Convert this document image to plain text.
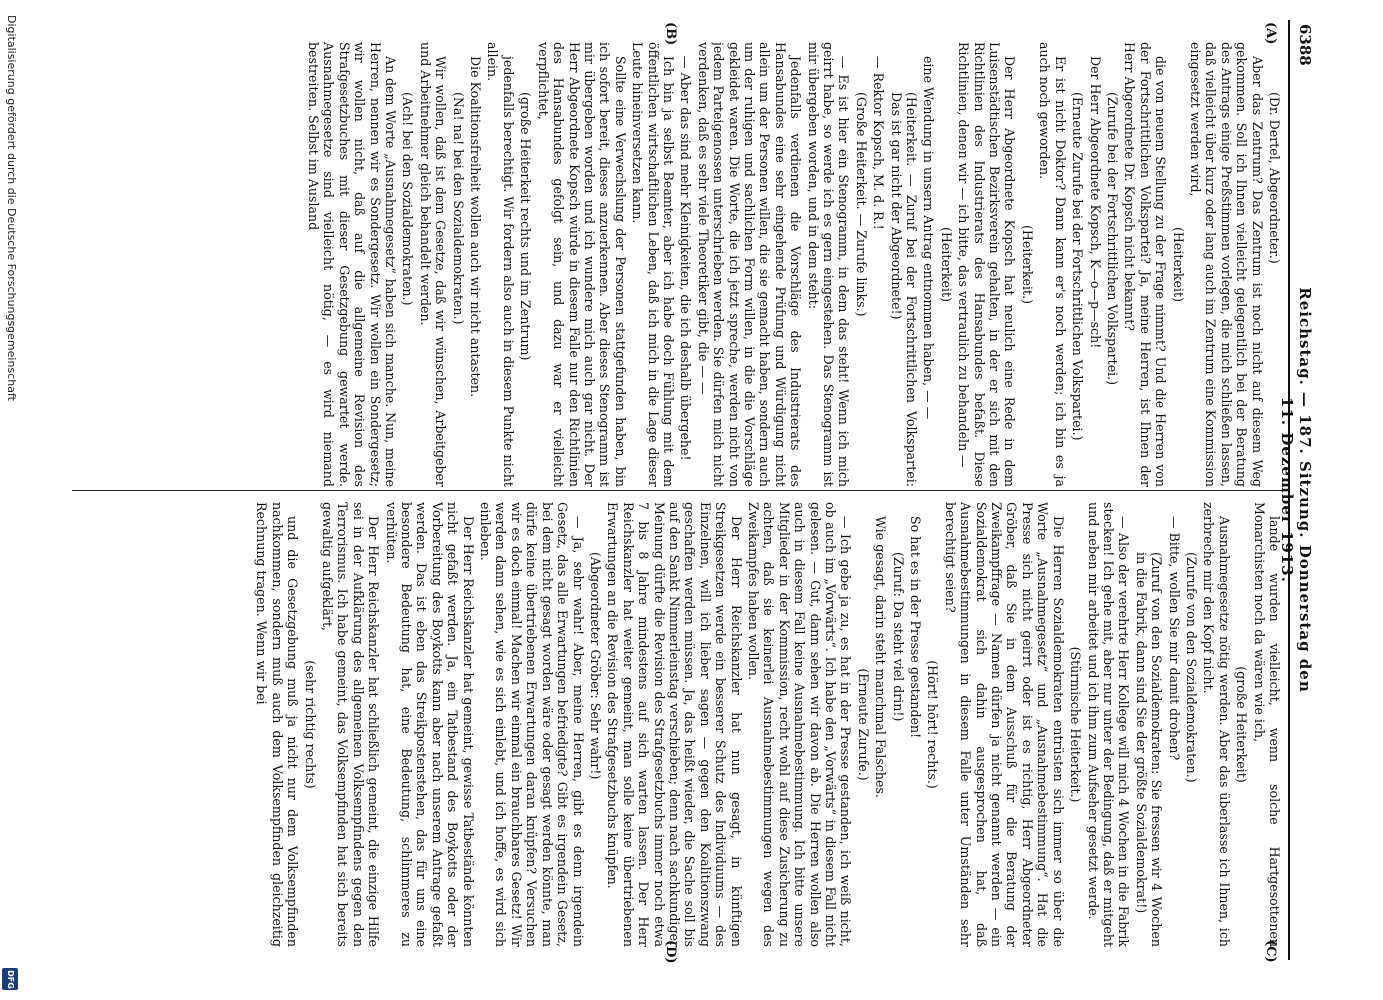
Digitalisierung gefördert durch die Deutsche Forschungsgemeinschaft
DFG
6388
Reichstag. — 187. Sitzung. Donnerstag den 11. Dezember 1913.
(A)
(B)
(C)
(D)

(Dr. Dertel, Abgeordneter.)

Aber das Zentrum? Das Zentrum ist noch nicht auf diesem Weg gekommen. Soll ich Ihnen vielleicht gelegentlich bei der Beratung des Antrags einige Preßstimmen vorlegen, die mich schließen lassen, daß vielleicht über kurz oder lang auch im Zentrum eine Kommission eingesetzt werden wird,

(Heiterkeit)

die von neuem Stellung zu der Frage nimmt? Und die Herren von der Fortschrittlichen Volkspartei? Ja, meine Herren, ist Ihnen der Herr Abgeordnete Dr. Kopsch nicht bekannt?

(Zurufe bei der Fortschrittlichen Volkspartei.)

Der Herr Abgeordnete Kopsch, K—o—p—sch!

(Erneute Zurufe bei der Fortschrittlichen Volkspartei.)

Er ist nicht Doktor? Dann kann er's noch werden; ich bin es ja auch noch geworden.

(Heiterkeit.)

Der Herr Abgeordnete Kopsch hat neulich eine Rede in dem Luisenstädtischen Bezirksverein gehalten, in der er sich mit den Richtlinien des Industrierats des Hansabundes befaßt. Diese Richtlinien, denen wir — ich bitte, das vertraulich zu behandeln —

(Heiterkeit)

eine Wendung in unsern Antrag entnommen haben, — —

(Heiterkeit. — Zuruf bei der Fortschrittlichen Volkspartei: Das ist gar nicht der Abgeordnete!)

— Rektor Kopsch, M. d. R.!

(Große Heiterkeit. — Zurufe links.)

— Es ist hier ein Stenogramm, in dem das steht! Wenn ich mich geirrt habe, so werde ich es gern eingestehen. Das Stenogramm ist mir übergeben worden, und in dem steht:

Jedenfalls verdienen die Vorschläge des Industrierats des Hansabundes eine sehr eingehende Prüfung und Würdigung nicht allein um der Personen willen, die sie gemacht haben, sondern auch um der ruhigen und sachlichen Form willen, in die die Vorschläge gekleidet waren. Die Worte, die ich jetzt spreche, werden nicht von jedem Parteigenossen unterschrieben werden. Sie dürfen mich nicht verdenken, daß es sehr viele Theoretiker gibt, die — —

— Aber das sind mehr Kleinigkeiten, die ich deshalb übergehe!

Ich bin ja selbst Beamter, aber ich habe doch Fühlung mit dem öffentlichen wirtschaftlichen Leben, daß ich mich in die Lage dieser Leute hineinversetzen kann.

Sollte eine Verwechslung der Personen stattgefunden haben, bin ich sofort bereit, dieses anzuerkennen. Aber dieses Stenogramm ist mir übergeben worden und ich wundere mich auch gar nicht. Der Herr Abgeordnete Kopsch würde in diesem Falle nur den Richtlinien des Hansabundes gefolgt sein, und dazu war er vielleicht verpflichtet,

(große Heiterkeit rechts und im Zentrum)

jedenfalls berechtigt. Wir fordern also auch in diesem Punkte nicht allein.

Die Koalitionsfreiheit wollen auch wir nicht antasten.

(Na! na! bei den Sozialdemokraten.)

Wir wollen, daß ist dem Gesetze, daß wir wünschen, Arbeitgeber und Arbeitnehmer gleich behandelt werden.

(Ach! bei den Sozialdemokraten.)

An dem Worte „Ausnahmegesetz“ haben sich manche. Nun, meine Herren, nennen wir es Sondergesetz. Wir wollen ein Sondergesetz; wir wollen nicht, daß auf die allgemeine Revision des Strafgesetzbuches mit dieser Gesetzgebung gewartet werde. Ausnahmegesetze sind vielleicht nötig, — es wird niemand bestreiten. Selbst im Ausland

lande wurden vielleicht, wenn solche Hartgesottenen Monarchisten noch da wären wie ich,

(große Heiterkeit)

Ausnahmegesetze nötig werden. Aber das überlasse ich Ihnen, ich zerbreche mir den Kopf nicht.

(Zurufe von den Sozialdemokraten.)

— Bitte, wollen Sie mir damit drohen?

(Zuruf von den Sozialdemokraten: Sie fressen wir 4 Wochen in die Fabrik, dann sind Sie der größte Sozialdemokrat!)

— Also der verehrte Herr Kollege will mich 4 Wochen in die Fabrik stecken! Ich gehe mit, aber nur unter der Bedingung, daß er mitgeht und neben mir arbeitet und ich ihm zum Aufseher gesetzt werde.

(Stürmische Heiterkeit.)

Die Herren Sozialdemokraten entrüsten sich immer so über die Worte „Ausnahmegesetz“ und „Ausnahmebestimmung“. Hat die Presse sich nicht geirrt oder ist es richtig, Herr Abgeordneter Gröber, daß Sie in dem Ausschuß für die Beratung der Zweikampffrage — Namen dürfen ja nicht genannt werden — ein Sozialdemokrat sich dahin ausgesprochen hat, daß Ausnahmebestimmungen in diesem Falle unter Umständen sehr berechtigt seien?

(Hört! hört! rechts.)

So hat es in der Presse gestanden!

(Zuruf: Da steht viel drin!)

Wie gesagt, darin steht manchmal Falsches.

(Erneute Zurufe.)

— Ich gebe ja zu, es hat in der Presse gestanden, ich weiß nicht, ob auch im „Vorwärts“. Ich habe den „Vorwärts“ in diesem Fall nicht gelesen. — Gut, dann sehen wir davon ab. Die Herren wollen also auch in diesem Fall keine Ausnahmebestimmung. Ich bitte unsere Mitglieder in der Kommission, recht wohl auf diese Zusicherung zu achten, daß sie keinerlei Ausnahmebestimmungen wegen des Zweikampfes haben wollen.

Der Herr Reichskanzler hat nun gesagt, in künftigen Streikgesetzen werde ein besserer Schutz des Individuums — des Einzelnen, will ich lieber sagen — gegen den Koalitionszwang geschaffen werden müssen. Ja, das heißt wieder, die Sache soll bis auf den Sankt Nimmerleinstag verschieben; denn nach sachkundiger Meinung dürfte die Revision des Strafgesetzbuchs immer noch etwa 7 bis 8 Jahre mindestens auf sich warten lassen. Der Herr Reichskanzler hat weiter gemeint, man solle keine übertriebenen Erwartungen an die Revision des Strafgesetzbuchs knüpfen.

(Abgeordneter Gröber: Sehr wahr!)

— Ja, sehr wahr! Aber, meine Herren, gibt es denn irgendein Gesetz, das alle Erwartungen befriedigte? Gibt es irgendein Gesetz, bei dem nicht gesagt worden wäre oder gesagt werden könnte, man dürfe keine übertriebenen Erwartungen daran knüpfen? Versuchen wir es doch einmal! Machen wir einmal ein brauchbares Gesetz! Wir werden dann sehen, wie es sich einlebt, und ich hoffe, es wird sich einleben.

Der Herr Reichskanzler hat gemeint, gewisse Tatbestände könnten nicht gefaßt werden. Ja, ein Tatbestand des Boykotts oder der Vorbereitung des Boykotts kann aber nach unserem Antrage gefaßt werden. Das ist eben das Streikpostenstehen, das für uns eine besondere Bedeutung hat, eine Bedeutung, schlimmeres zu verhüten.

Der Herr Reichskanzler hat schließlich gemeint, die einzige Hilfe sei in der Aufklärung des allgemeinen Volksempfindens gegen den Terrorismus. Ich habe gemeint, das Volksempfinden hat sich bereits gewaltig aufgeklärt,

(sehr richtig rechts)

und die Gesetzgebung muß ja nicht nur dem Volksempfinden nachkommen, sondern muß auch dem Volksempfinden gleichzeitig Rechnung tragen. Wenn wir bei
